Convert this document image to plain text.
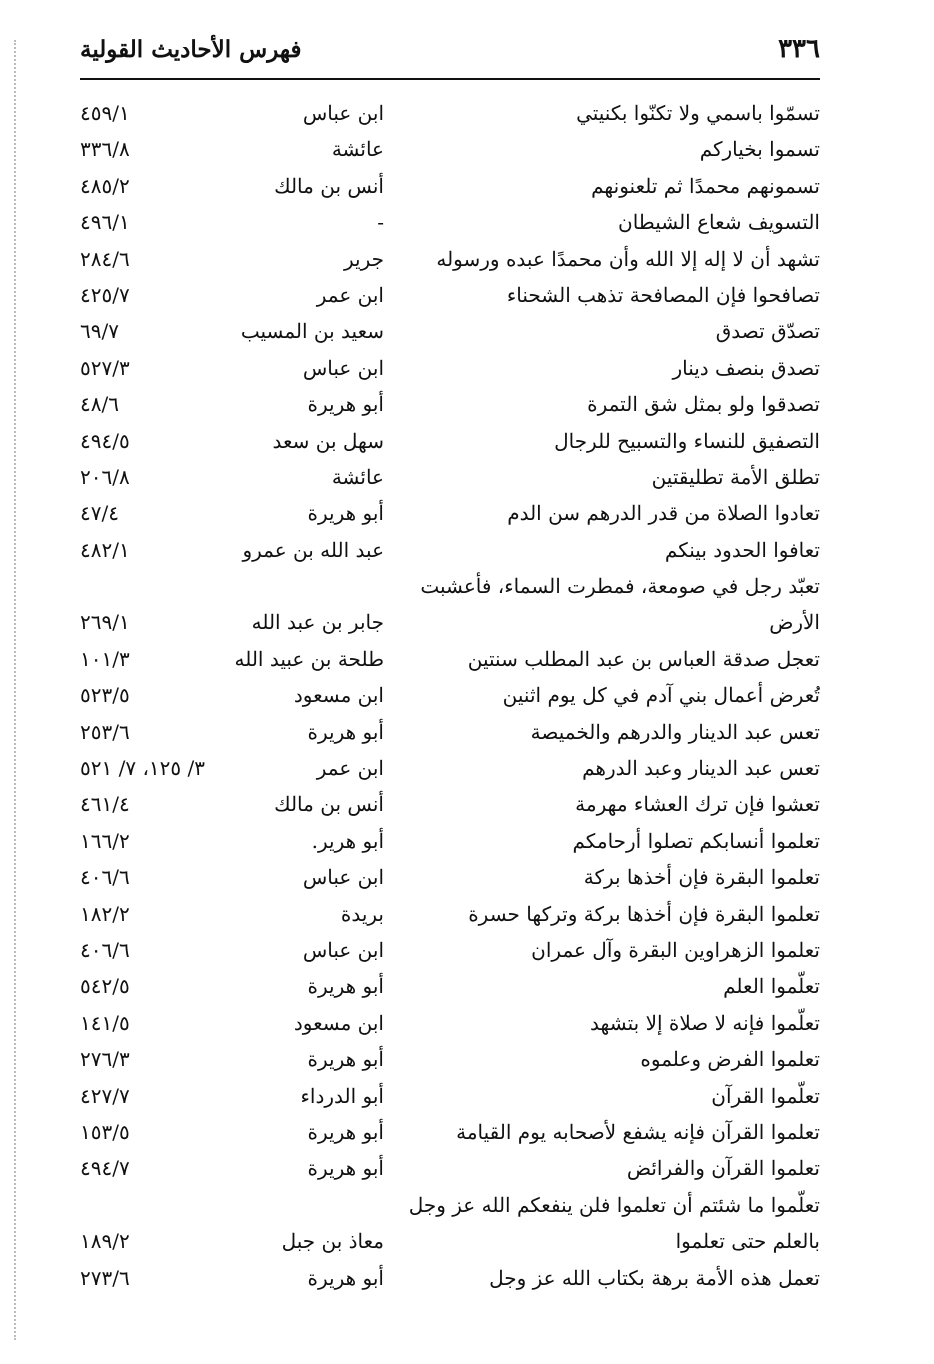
٣٣٦
فهرس الأحاديث القولية
تسمّوا باسمي ولا تكنّوا بكنيتي
ابن عباس
٤٥٩/١
تسموا بخياركم
عائشة
٣٣٦/٨
تسمونهم محمدًا ثم تلعنونهم
أنس بن مالك
٤٨٥/٢
التسويف شعاع الشيطان
-
٤٩٦/١
تشهد أن لا إله إلا الله وأن محمدًا عبده ورسوله
جرير
٢٨٤/٦
تصافحوا فإن المصافحة تذهب الشحناء
ابن عمر
٤٢٥/٧
تصدّق تصدق
سعيد بن المسيب
٦٩/٧
تصدق بنصف دينار
ابن عباس
٥٢٧/٣
تصدقوا ولو بمثل شق التمرة
أبو هريرة
٤٨/٦
التصفيق للنساء والتسبيح للرجال
سهل بن سعد
٤٩٤/٥
تطلق الأمة تطليقتين
عائشة
٢٠٦/٨
تعادوا الصلاة من قدر الدرهم سن الدم
أبو هريرة
٤٧/٤
تعافوا الحدود بينكم
عبد الله بن عمرو
٤٨٢/١
تعبّد رجل في صومعة، فمطرت السماء، فأعشبت الأرض
جابر بن عبد الله
٢٦٩/١
تعجل صدقة العباس بن عبد المطلب سنتين
طلحة بن عبيد الله
١٠١/٣
تُعرض أعمال بني آدم في كل يوم اثنين
ابن مسعود
٥٢٣/٥
تعس عبد الدينار والدرهم والخميصة
أبو هريرة
٢٥٣/٦
تعس عبد الدينار وعبد الدرهم
ابن عمر
٣/ ١٢٥، ٧/ ٥٢١
تعشوا فإن ترك العشاء مهرمة
أنس بن مالك
٤٦١/٤
تعلموا أنسابكم تصلوا أرحامكم
أبو هرير.
١٦٦/٢
تعلموا البقرة فإن أخذها بركة
ابن عباس
٤٠٦/٦
تعلموا البقرة فإن أخذها بركة وتركها حسرة
بريدة
١٨٢/٢
تعلموا الزهراوين البقرة وآل عمران
ابن عباس
٤٠٦/٦
تعلّموا العلم
أبو هريرة
٥٤٢/٥
تعلّموا فإنه لا صلاة إلا بتشهد
ابن مسعود
١٤١/٥
تعلموا الفرض وعلموه
أبو هريرة
٢٧٦/٣
تعلّموا القرآن
أبو الدرداء
٤٢٧/٧
تعلموا القرآن فإنه يشفع لأصحابه يوم القيامة
أبو هريرة
١٥٣/٥
تعلموا القرآن والفرائض
أبو هريرة
٤٩٤/٧
تعلّموا ما شئتم أن تعلموا فلن ينفعكم الله عز وجل بالعلم حتى تعلموا
معاذ بن جبل
١٨٩/٢
تعمل هذه الأمة برهة بكتاب الله عز وجل
أبو هريرة
٢٧٣/٦
